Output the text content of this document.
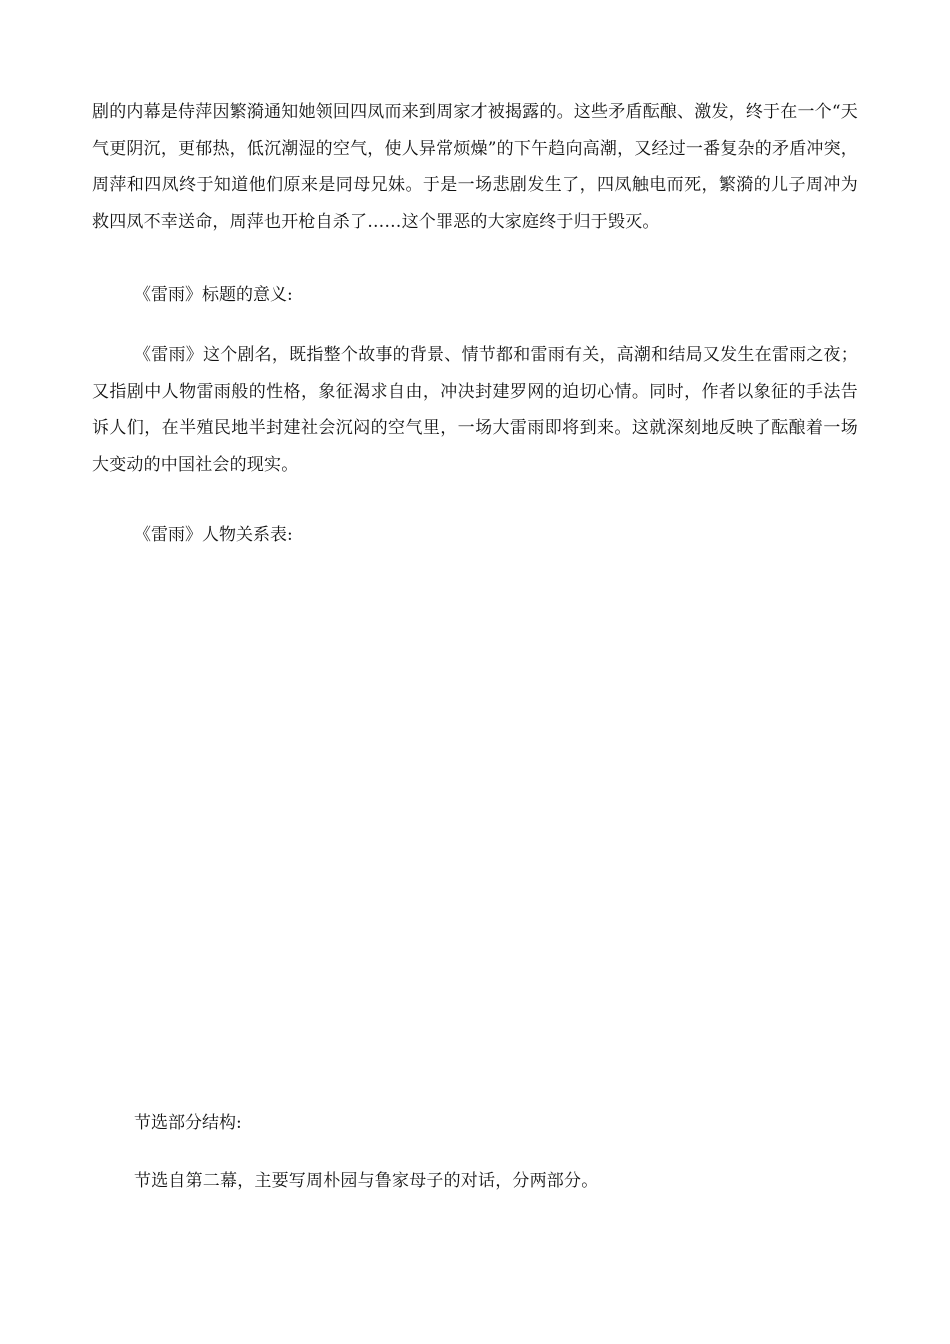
剧的内幕是侍萍因繁漪通知她领回四凤而来到周家才被揭露的。这些矛盾酝酿、激发，终于在一个“天气更阴沉，更郁热，低沉潮湿的空气，使人异常烦燥”的下午趋向高潮，又经过一番复杂的矛盾冲突，周萍和四凤终于知道他们原来是同母兄妹。于是一场悲剧发生了，四凤触电而死，繁漪的儿子周冲为救四凤不幸送命，周萍也开枪自杀了……这个罪恶的大家庭终于归于毁灭。

《雷雨》标题的意义:

《雷雨》这个剧名，既指整个故事的背景、情节都和雷雨有关，高潮和结局又发生在雷雨之夜；又指剧中人物雷雨般的性格，象征渴求自由，冲决封建罗网的迫切心情。同时，作者以象征的手法告诉人们，在半殖民地半封建社会沉闷的空气里，一场大雷雨即将到来。这就深刻地反映了酝酿着一场大变动的中国社会的现实。

《雷雨》人物关系表:

节选部分结构:

节选自第二幕，主要写周朴园与鲁家母子的对话，分两部分。
